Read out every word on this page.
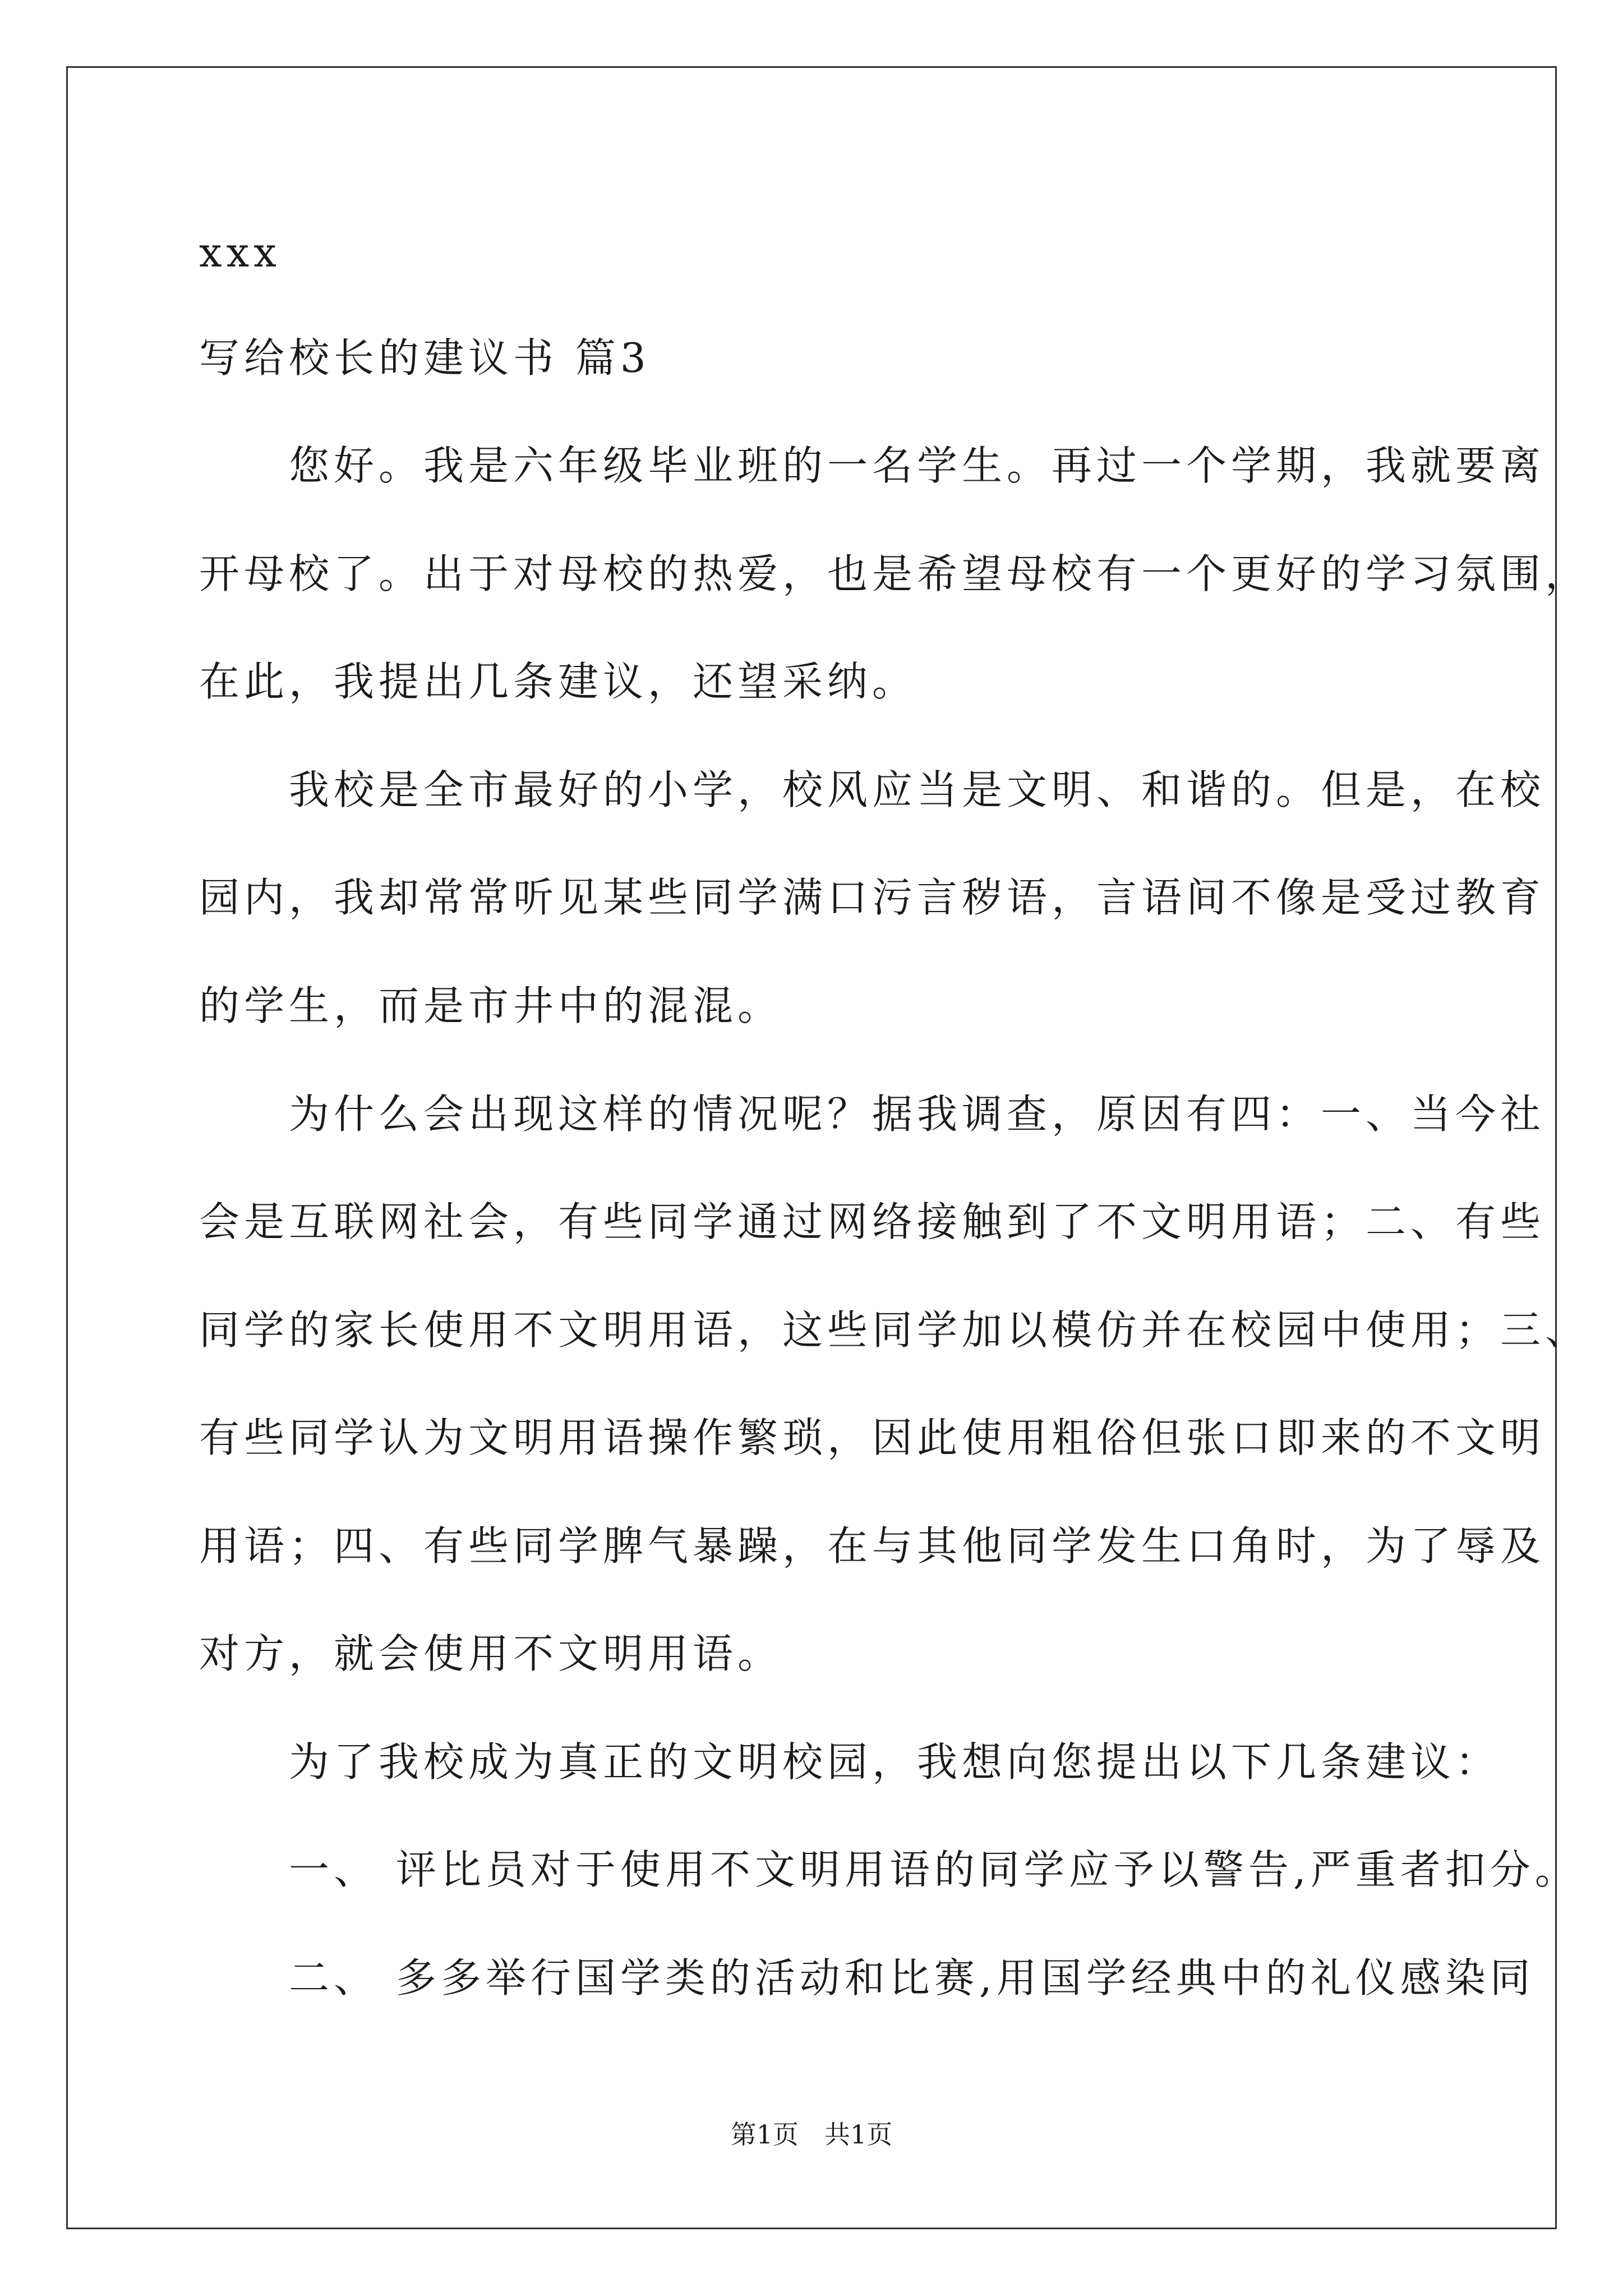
xxx
写给校长的建议书 篇3
　　您好。我是六年级毕业班的一名学生。再过一个学期，我就要离
开母校了。出于对母校的热爱，也是希望母校有一个更好的学习氛围，
在此，我提出几条建议，还望采纳。
　　我校是全市最好的小学，校风应当是文明、和谐的。但是，在校
园内，我却常常听见某些同学满口污言秽语，言语间不像是受过教育
的学生，而是市井中的混混。
　　为什么会出现这样的情况呢？据我调查，原因有四：一、当今社
会是互联网社会，有些同学通过网络接触到了不文明用语；二、有些
同学的家长使用不文明用语，这些同学加以模仿并在校园中使用；三、
有些同学认为文明用语操作繁琐，因此使用粗俗但张口即来的不文明
用语；四、有些同学脾气暴躁，在与其他同学发生口角时，为了辱及
对方，就会使用不文明用语。
　　为了我校成为真正的文明校园，我想向您提出以下几条建议：
　　一、 评比员对于使用不文明用语的同学应予以警告,严重者扣分。
　　二、 多多举行国学类的活动和比赛,用国学经典中的礼仪感染同
第1页　共1页
